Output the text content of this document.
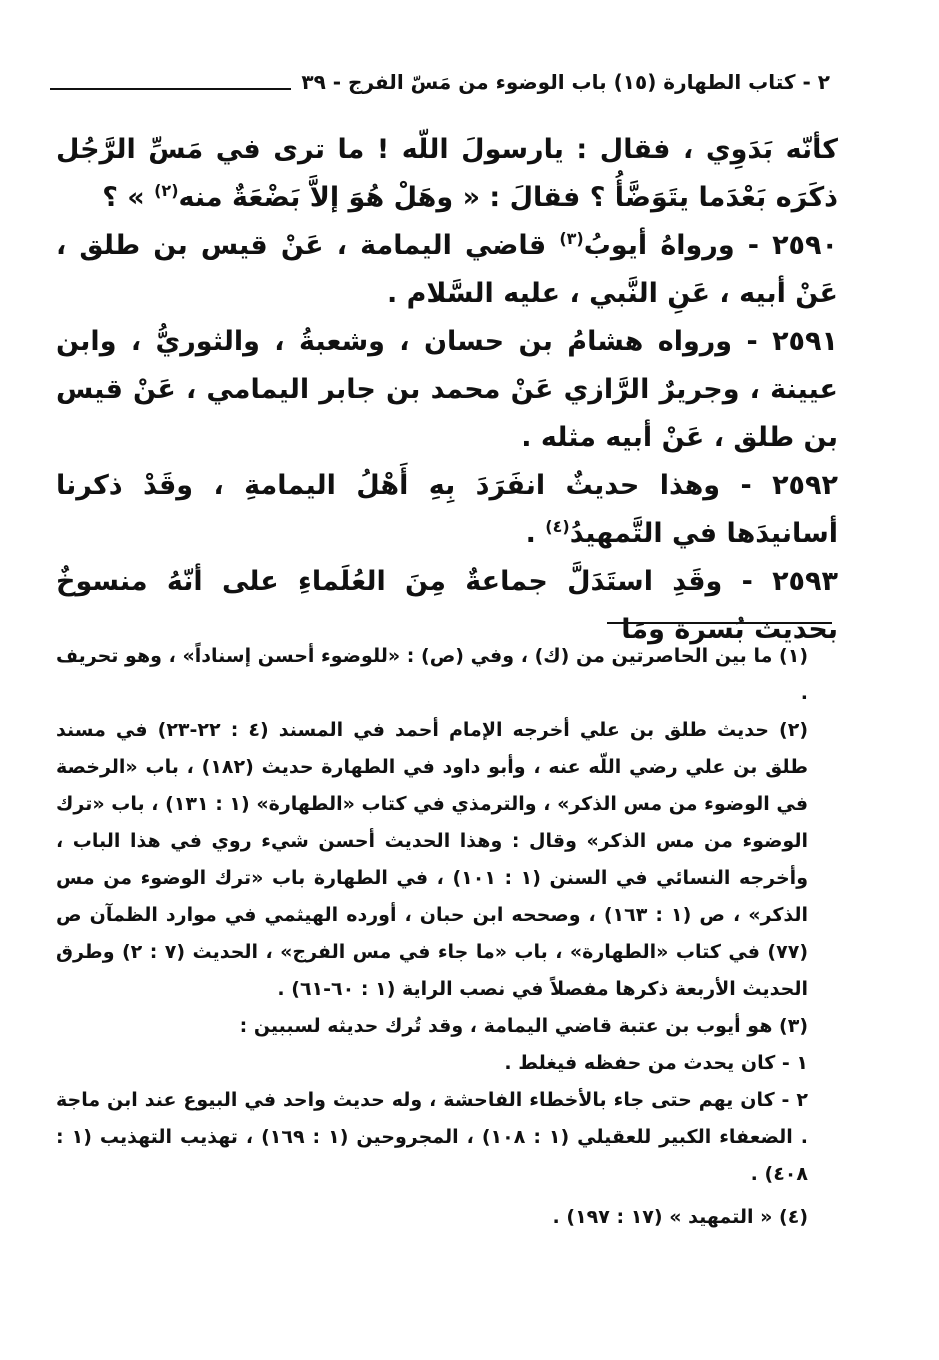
٢ - كتاب الطهارة (١٥) باب الوضوء من مَسّ الفرج - ٣٩

كأنّه بَدَوِي ، فقال : يارسولَ اللّه ! ما ترى في مَسِّ الرَّجُل ذكَرَه بَعْدَما يتَوَضَّأُ ؟ فقالَ : « وهَلْ هُوَ إلاَّ بَضْعَةٌ منه$^{(٢)}$ » ؟

٢٥٩٠ - ورواهُ أيوبُ$^{(٣)}$ قاضي اليمامة ، عَنْ قيس بن طلق ، عَنْ أبيه ، عَنِ النَّبي ، عليه السَّلام .

٢٥٩١ - ورواه هشامُ بن حسان ، وشعبةُ ، والثوريُّ ، وابن عيينة ، وجريرٌ الرَّازي عَنْ محمد بن جابر اليمامي ، عَنْ قيس بن طلق ، عَنْ أبيه مثله .

٢٥٩٢ - وهذا حديثٌ انفَرَدَ بِهِ أَهْلُ اليمامةِ ، وقَدْ ذكرنا أسانيدَها في التَّمهيدُ$^{(٤)}$ .

٢٥٩٣ - وقَدِ استَدَلَّ جماعةٌ مِنَ العُلَماءِ على أنّهُ منسوخٌ بحديث بُسرة ومَا

(١) ما بين الحاصرتين من (ك) ، وفي (ص) : «للوضوء أحسن إسناداً» ، وهو تحريف .

(٢) حديث طلق بن علي أخرجه الإمام أحمد في المسند (٤ : ٢٢-٢٣) في مسند طلق بن علي رضي اللّه عنه ، وأبو داود في الطهارة حديث (١٨٢) ، باب «الرخصة في الوضوء من مس الذكر» ، والترمذي في كتاب «الطهارة» (١ : ١٣١) ، باب «ترك الوضوء من مس الذكر» وقال : وهذا الحديث أحسن شيء روي في هذا الباب ، وأخرجه النسائي في السنن (١ : ١٠١) ، في الطهارة باب «ترك الوضوء من مس الذكر» ، ص (١ : ١٦٣) ، وصححه ابن حبان ، أورده الهيثمي في موارد الظمآن ص (٧٧) في كتاب «الطهارة» ، باب «ما جاء في مس الفرج» ، الحديث (٧ : ٢) وطرق الحديث الأربعة ذكرها مفصلاً في نصب الراية (١ : ٦٠-٦١) .

(٣) هو أيوب بن عتبة قاضي اليمامة ، وقد تُرك حديثه لسببين :

١ - كان يحدث من حفظه فيغلط .

٢ - كان يهم حتى جاء بالأخطاء الفاحشة ، وله حديث واحد في البيوع عند ابن ماجة . الضعفاء الكبير للعقيلي (١ : ١٠٨) ، المجروحين (١ : ١٦٩) ، تهذيب التهذيب (١ : ٤٠٨) .

(٤) « التمهيد » (١٧ : ١٩٧) .
